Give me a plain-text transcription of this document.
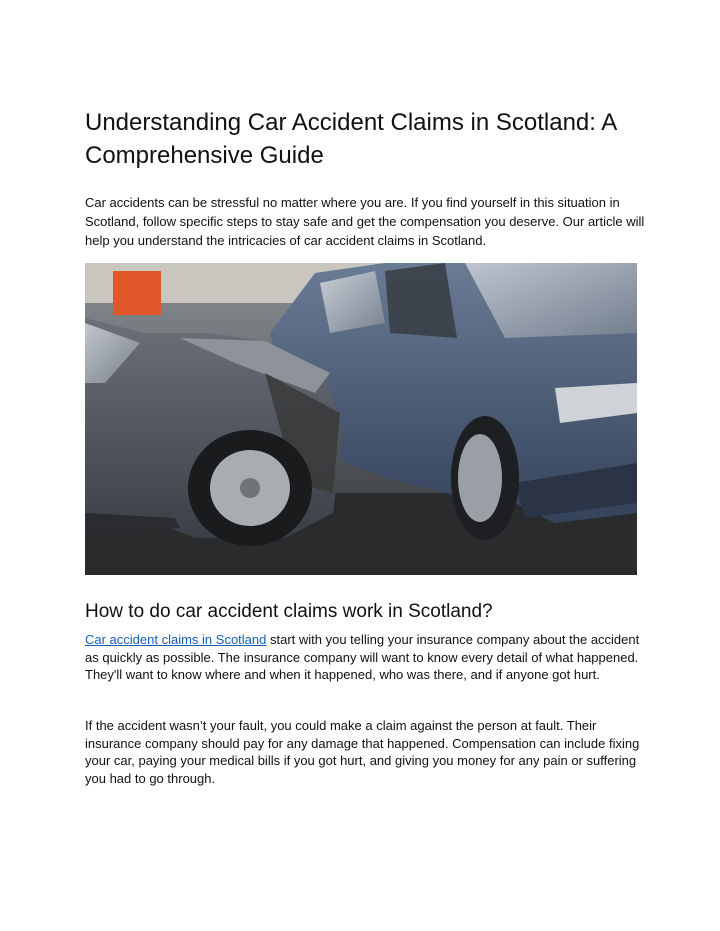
Understanding Car Accident Claims in Scotland: A Comprehensive Guide

Car accidents can be stressful no matter where you are. If you find yourself in this situation in Scotland, follow specific steps to stay safe and get the compensation you deserve. Our article will help you understand the intricacies of car accident claims in Scotland.

How to do car accident claims work in Scotland?

Car accident claims in Scotland start with you telling your insurance company about the accident as quickly as possible. The insurance company will want to know every detail of what happened. They'll want to know where and when it happened, who was there, and if anyone got hurt.

If the accident wasn’t your fault, you could make a claim against the person at fault. Their insurance company should pay for any damage that happened. Compensation can include fixing your car, paying your medical bills if you got hurt, and giving you money for any pain or suffering you had to go through.
